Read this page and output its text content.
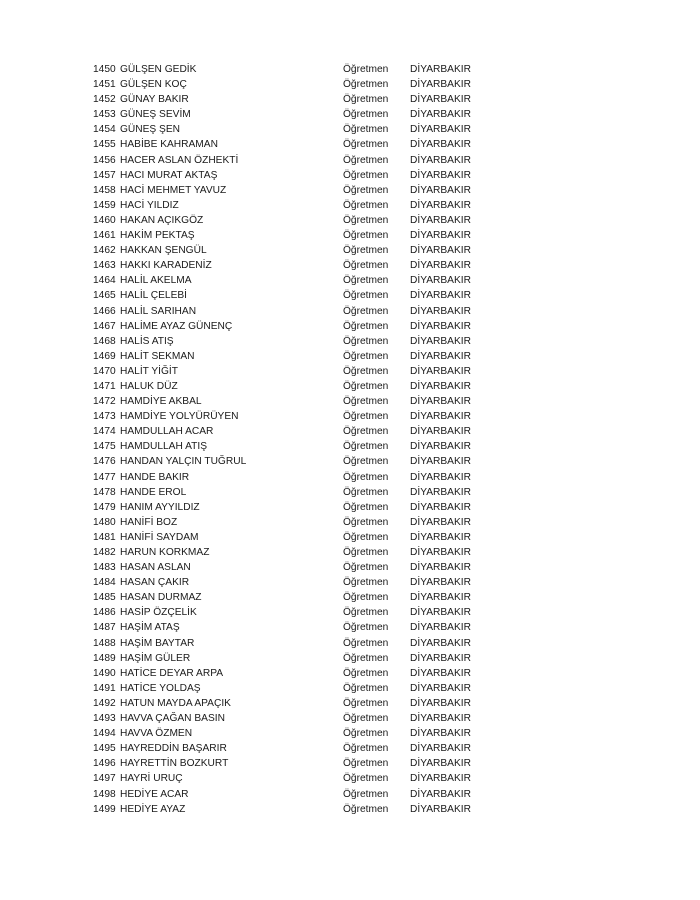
1450 GÜLŞEN GEDİK	Öğretmen DİYARBAKIR
1451 GÜLŞEN KOÇ	Öğretmen DİYARBAKIR
1452 GÜNAY BAKIR	Öğretmen DİYARBAKIR
1453 GÜNEŞ SEVİM	Öğretmen DİYARBAKIR
1454 GÜNEŞ ŞEN	Öğretmen DİYARBAKIR
1455 HABİBE KAHRAMAN	Öğretmen DİYARBAKIR
1456 HACER ASLAN ÖZHEKTİ	Öğretmen DİYARBAKIR
1457 HACI MURAT AKTAŞ	Öğretmen DİYARBAKIR
1458 HACİ MEHMET YAVUZ	Öğretmen DİYARBAKIR
1459 HACİ YILDIZ	Öğretmen DİYARBAKIR
1460 HAKAN AÇIKGÖZ	Öğretmen DİYARBAKIR
1461 HAKİM PEKTAŞ	Öğretmen DİYARBAKIR
1462 HAKKAN ŞENGÜL	Öğretmen DİYARBAKIR
1463 HAKKI KARADENİZ	Öğretmen DİYARBAKIR
1464 HALİL AKELMA	Öğretmen DİYARBAKIR
1465 HALİL ÇELEBİ	Öğretmen DİYARBAKIR
1466 HALİL SARIHAN	Öğretmen DİYARBAKIR
1467 HALİME AYAZ GÜNENÇ	Öğretmen DİYARBAKIR
1468 HALİS ATIŞ	Öğretmen DİYARBAKIR
1469 HALİT SEKMAN	Öğretmen DİYARBAKIR
1470 HALİT YİĞİT	Öğretmen DİYARBAKIR
1471 HALUK DÜZ	Öğretmen DİYARBAKIR
1472 HAMDİYE AKBAL	Öğretmen DİYARBAKIR
1473 HAMDİYE YOLYÜRÜYEN	Öğretmen DİYARBAKIR
1474 HAMDULLAH ACAR	Öğretmen DİYARBAKIR
1475 HAMDULLAH ATIŞ	Öğretmen DİYARBAKIR
1476 HANDAN YALÇIN TUĞRUL	Öğretmen DİYARBAKIR
1477 HANDE BAKIR	Öğretmen DİYARBAKIR
1478 HANDE EROL	Öğretmen DİYARBAKIR
1479 HANIM AYYILDIZ	Öğretmen DİYARBAKIR
1480 HANİFİ BOZ	Öğretmen DİYARBAKIR
1481 HANİFİ SAYDAM	Öğretmen DİYARBAKIR
1482 HARUN KORKMAZ	Öğretmen DİYARBAKIR
1483 HASAN ASLAN	Öğretmen DİYARBAKIR
1484 HASAN ÇAKIR	Öğretmen DİYARBAKIR
1485 HASAN DURMAZ	Öğretmen DİYARBAKIR
1486 HASİP ÖZÇELİK	Öğretmen DİYARBAKIR
1487 HAŞİM ATAŞ	Öğretmen DİYARBAKIR
1488 HAŞİM BAYTAR	Öğretmen DİYARBAKIR
1489 HAŞİM GÜLER	Öğretmen DİYARBAKIR
1490 HATİCE DEYAR ARPA	Öğretmen DİYARBAKIR
1491 HATİCE YOLDAŞ	Öğretmen DİYARBAKIR
1492 HATUN MAYDA APAÇIK	Öğretmen DİYARBAKIR
1493 HAVVA ÇAĞAN BASIN	Öğretmen DİYARBAKIR
1494 HAVVA ÖZMEN	Öğretmen DİYARBAKIR
1495 HAYREDDİN BAŞARIR	Öğretmen DİYARBAKIR
1496 HAYRETTİN BOZKURT	Öğretmen DİYARBAKIR
1497 HAYRİ URUÇ	Öğretmen DİYARBAKIR
1498 HEDİYE ACAR	Öğretmen DİYARBAKIR
1499 HEDİYE AYAZ	Öğretmen DİYARBAKIR
